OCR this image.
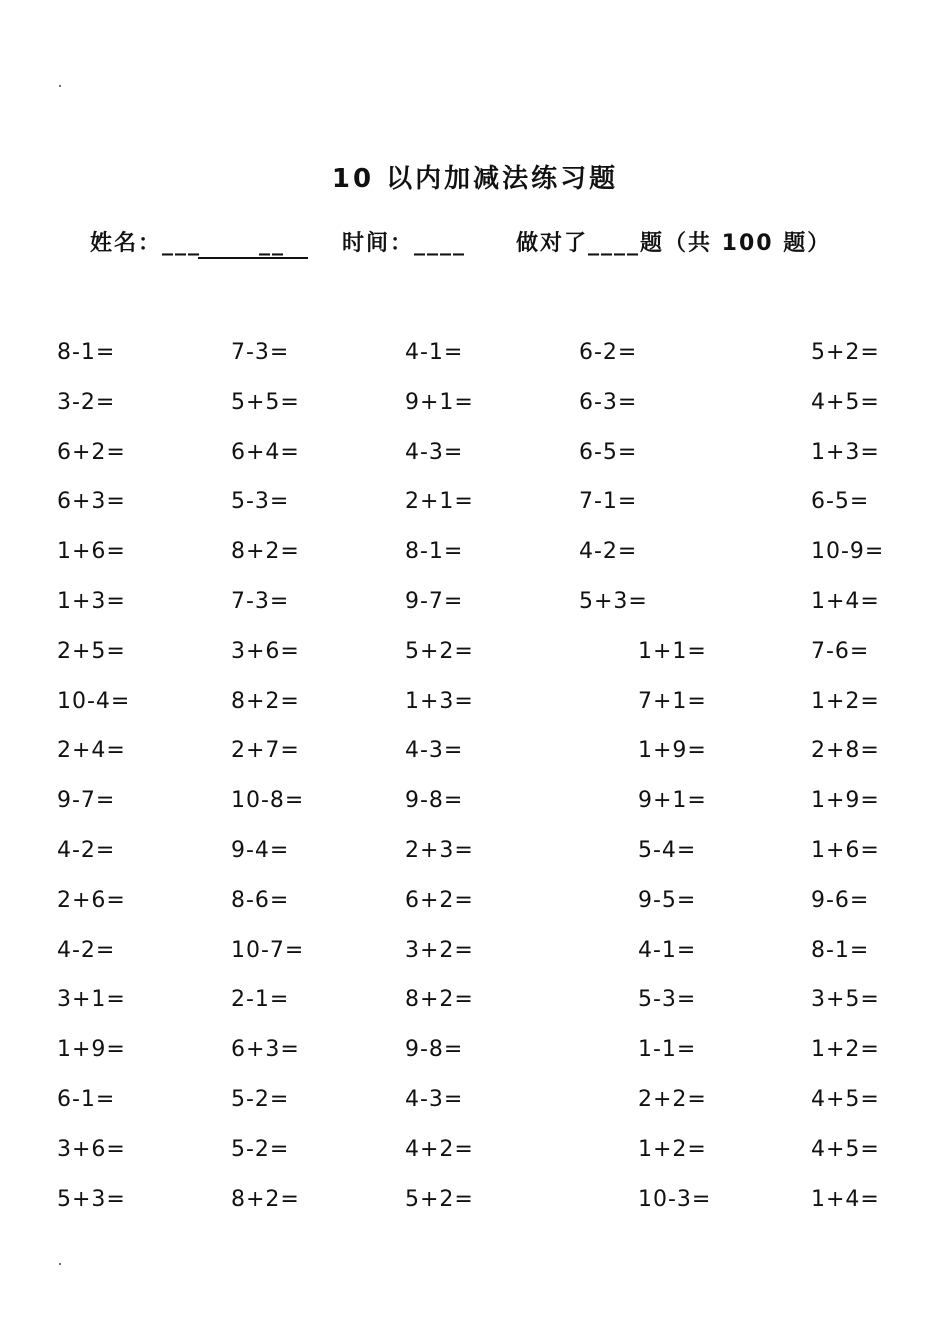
10 以内加减法练习题
姓名：___      __	时间：____ 做对了____题（共 100 题）
8-1=	7-3=	4-1=	6-2=	5+2=
3-2=	5+5=	9+1=	6-3=	4+5=
6+2=	6+4=	4-3=	6-5=	1+3=
6+3=	5-3=	2+1=	7-1=	6-5=
1+6=	8+2=	8-1=	4-2=	10-9=
1+3=	7-3=	9-7=	5+3=	1+4=
2+5=	3+6=	5+2=	1+1=	7-6=
10-4=	8+2=	1+3=	7+1=	1+2=
2+4=	2+7=	4-3=	1+9=	2+8=
9-7=	10-8=	9-8=	9+1=	1+9=
4-2=	9-4=	2+3=	5-4=	1+6=
2+6=	8-6=	6+2=	9-5=	9-6=
4-2=	10-7=	3+2=	4-1=	8-1=
3+1=	2-1=	8+2=	5-3=	3+5=
1+9=	6+3=	9-8=	1-1=	1+2=
6-1=	5-2=	4-3=	2+2=	4+5=
3+6=	5-2=	4+2=	1+2=	4+5=
5+3=	8+2=	5+2=	10-3=	1+4=
